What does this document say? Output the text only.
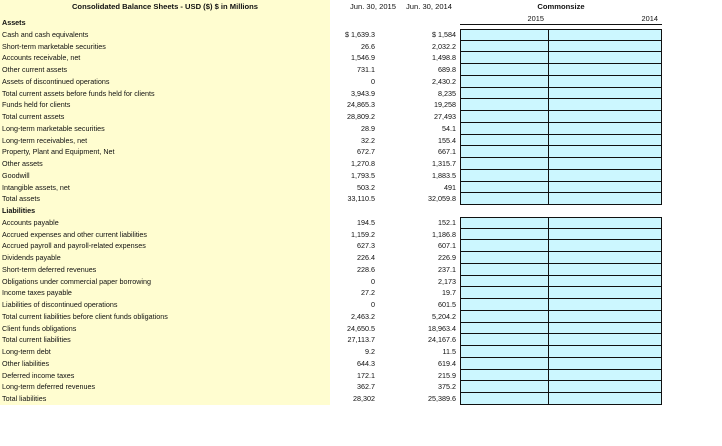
Consolidated Balance Sheets - USD ($) $ in Millions	Jun. 30, 2015	Jun. 30, 2014	Commonsize
2015	2014
Assets
Cash and cash equivalents	$ 1,639.3	$ 1,584
Short-term marketable securities	26.6	2,032.2
Accounts receivable, net	1,546.9	1,498.8
Other current assets	731.1	689.8
Assets of discontinued operations	0	2,430.2
Total current assets before funds held for clients	3,943.9	8,235
Funds held for clients	24,865.3	19,258
Total current assets	28,809.2	27,493
Long-term marketable securities	28.9	54.1
Long-term receivables, net	32.2	155.4
Property, Plant and Equipment, Net	672.7	667.1
Other assets	1,270.8	1,315.7
Goodwill	1,793.5	1,883.5
Intangible assets, net	503.2	491
Total assets	33,110.5	32,059.8
Liabilities
Accounts payable	194.5	152.1
Accrued expenses and other current liabilities	1,159.2	1,186.8
Accrued payroll and payroll-related expenses	627.3	607.1
Dividends payable	226.4	226.9
Short-term deferred revenues	228.6	237.1
Obligations under commercial paper borrowing	0	2,173
Income taxes payable	27.2	19.7
Liabilities of discontinued operations	0	601.5
Total current liabilities before client funds obligations	2,463.2	5,204.2
Client funds obligations	24,650.5	18,963.4
Total current liabilities	27,113.7	24,167.6
Long-term debt	9.2	11.5
Other liabilities	644.3	619.4
Deferred income taxes	172.1	215.9
Long-term deferred revenues	362.7	375.2
Total liabilities	28,302	25,389.6
